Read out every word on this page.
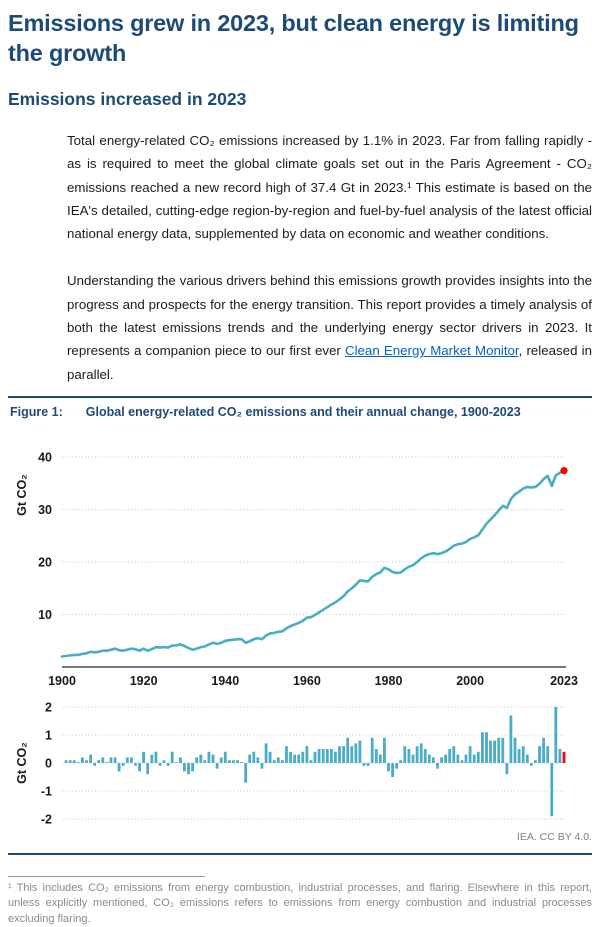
Emissions grew in 2023, but clean energy is limiting the growth
Emissions increased in 2023

Total energy-related CO₂ emissions increased by 1.1% in 2023. Far from falling rapidly - as is required to meet the global climate goals set out in the Paris Agreement - CO₂ emissions reached a new record high of 37.4 Gt in 2023.¹ This estimate is based on the IEA's detailed, cutting-edge region-by-region and fuel-by-fuel analysis of the latest official national energy data, supplemented by data on economic and weather conditions.

Understanding the various drivers behind this emissions growth provides insights into the progress and prospects for the energy transition. This report provides a timely analysis of both the latest emissions trends and the underlying energy sector drivers in 2023. It represents a companion piece to our first ever Clean Energy Market Monitor, released in parallel.

Figure 1: Global energy-related CO₂ emissions and their annual change, 1900-2023
10
20
30
40
Gt CO₂
1900	1920	1940	1960	1980	2000	2023
2
1
0
-1
-2
Gt CO₂
IEA. CC BY 4.0.

¹ This includes CO₂ emissions from energy combustion, industrial processes, and flaring. Elsewhere in this report, unless explicitly mentioned, CO₂ emissions refers to emissions from energy combustion and industrial processes excluding flaring.
